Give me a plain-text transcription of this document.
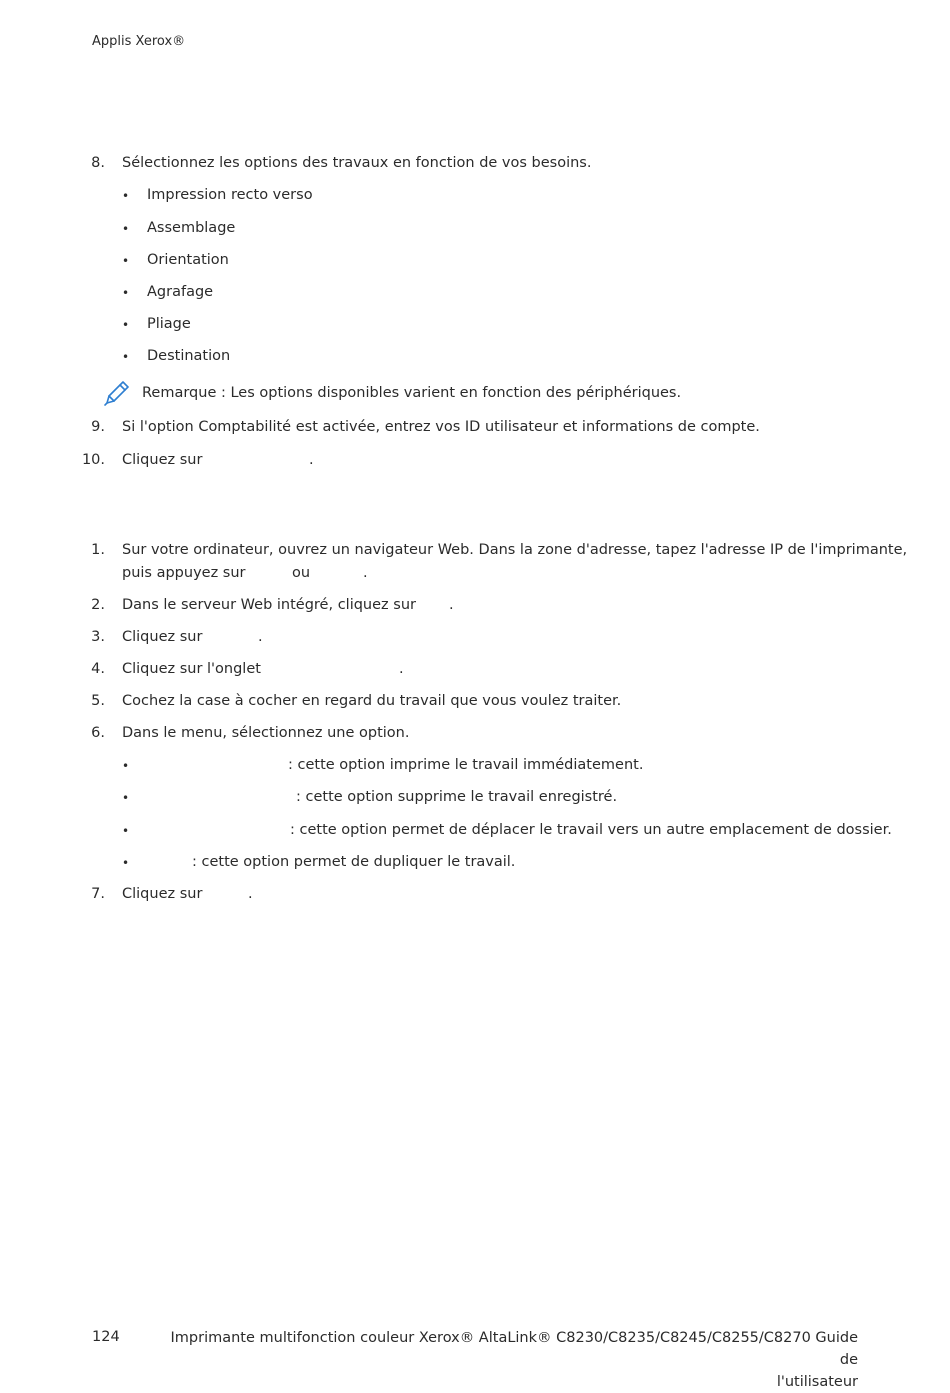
Applis Xerox®
8. Sélectionnez les options des travaux en fonction de vos besoins.
• Impression recto verso
• Assemblage
• Orientation
• Agrafage
• Pliage
• Destination
Remarque : Les options disponibles varient en fonction des périphériques.
9. Si l'option Comptabilité est activée, entrez vos ID utilisateur et informations de compte.
10. Cliquez sur	.
1. Sur votre ordinateur, ouvrez un navigateur Web. Dans la zone d'adresse, tapez l'adresse IP de l'imprimante,
puis appuyez sur	ou	.
2. Dans le serveur Web intégré, cliquez sur .
3. Cliquez sur	.
4. Cliquez sur l'onglet	.
5. Cochez la case à cocher en regard du travail que vous voulez traiter.
6. Dans le menu, sélectionnez une option.
•	: cette option imprime le travail immédiatement.
•	: cette option supprime le travail enregistré.
•	: cette option permet de déplacer le travail vers un autre emplacement de dossier.
•	: cette option permet de dupliquer le travail.
7. Cliquez sur	.
124	Imprimante multifonction couleur Xerox® AltaLink® C8230/C8235/C8245/C8255/C8270 Guide de
l'utilisateur
